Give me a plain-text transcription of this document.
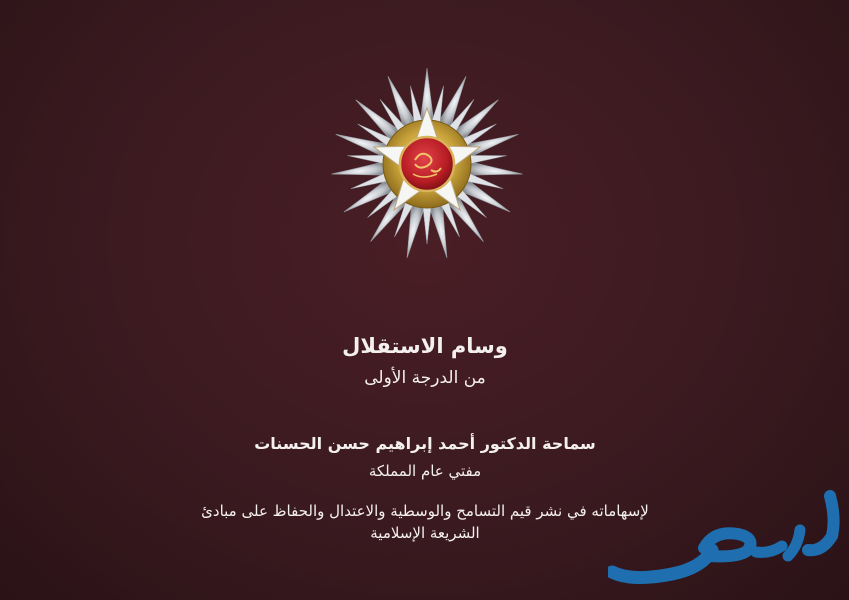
وسام الاستقلال
من الدرجة الأولى
سماحة الدكتور أحمد إبراهيم حسن الحسنات
مفتي عام المملكة
لإسهاماته في نشر قيم التسامح والوسطية والاعتدال والحفاظ على مبادئ
الشريعة الإسلامية
